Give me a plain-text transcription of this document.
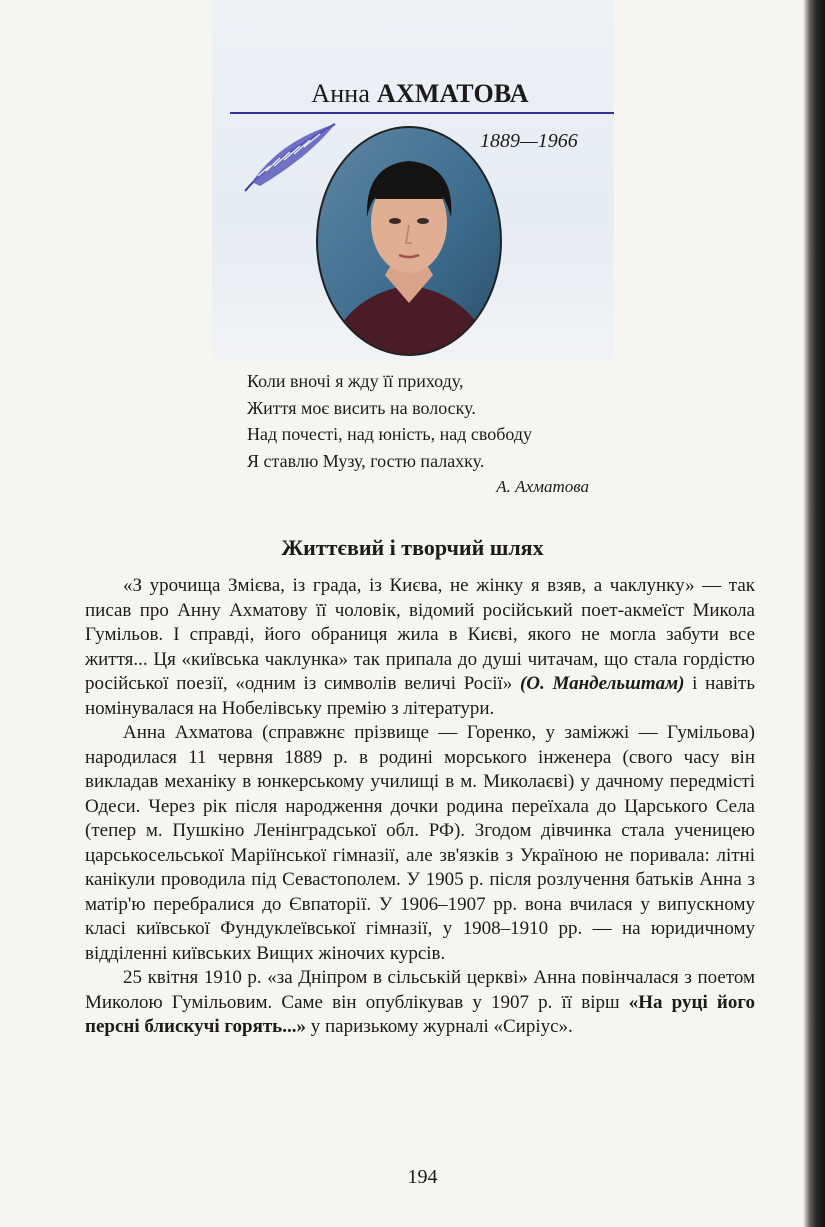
Анна АХМАТОВА
1889—1966
Коли вночі я жду її приходу,
Життя моє висить на волоску.
Над почесті, над юність, над свободу
Я ставлю Музу, гостю палахку.
А. Ахматова
Життєвий і творчий шлях

«З урочища Змієва, із града, із Києва, не жінку я взяв, а чаклунку» — так писав про Анну Ахматову її чоловік, відомий російський поет-акмеїст Микола Гумільов. І справді, його обраниця жила в Києві, якого не могла забути все життя... Ця «київська чаклунка» так припала до душі читачам, що стала гордістю російської поезії, «одним із символів величі Росії» (О. Мандельштам) і навіть номінувалася на Нобелівську премію з літератури.

Анна Ахматова (справжнє прізвище — Горенко, у заміжжі — Гумільова) народилася 11 червня 1889 р. в родині морського інженера (свого часу він викладав механіку в юнкерському училищі в м. Миколаєві) у дачному передмісті Одеси. Через рік після народження дочки родина переїхала до Царського Села (тепер м. Пушкіно Ленінградської обл. РФ). Згодом дівчинка стала ученицею царськосельської Маріїнської гімназії, але зв'язків з Україною не поривала: літні канікули проводила під Севастополем. У 1905 р. після розлучення батьків Анна з матір'ю перебралися до Євпаторії. У 1906–1907 рр. вона вчилася у випускному класі київської Фундуклеївської гімназії, у 1908–1910 рр. — на юридичному відділенні київських Вищих жіночих курсів.

25 квітня 1910 р. «за Дніпром в сільській церкві» Анна повінчалася з поетом Миколою Гумільовим. Саме він опублікував у 1907 р. її вірш «На руці його персні блискучі горять...» у паризькому журналі «Сиріус».

194
